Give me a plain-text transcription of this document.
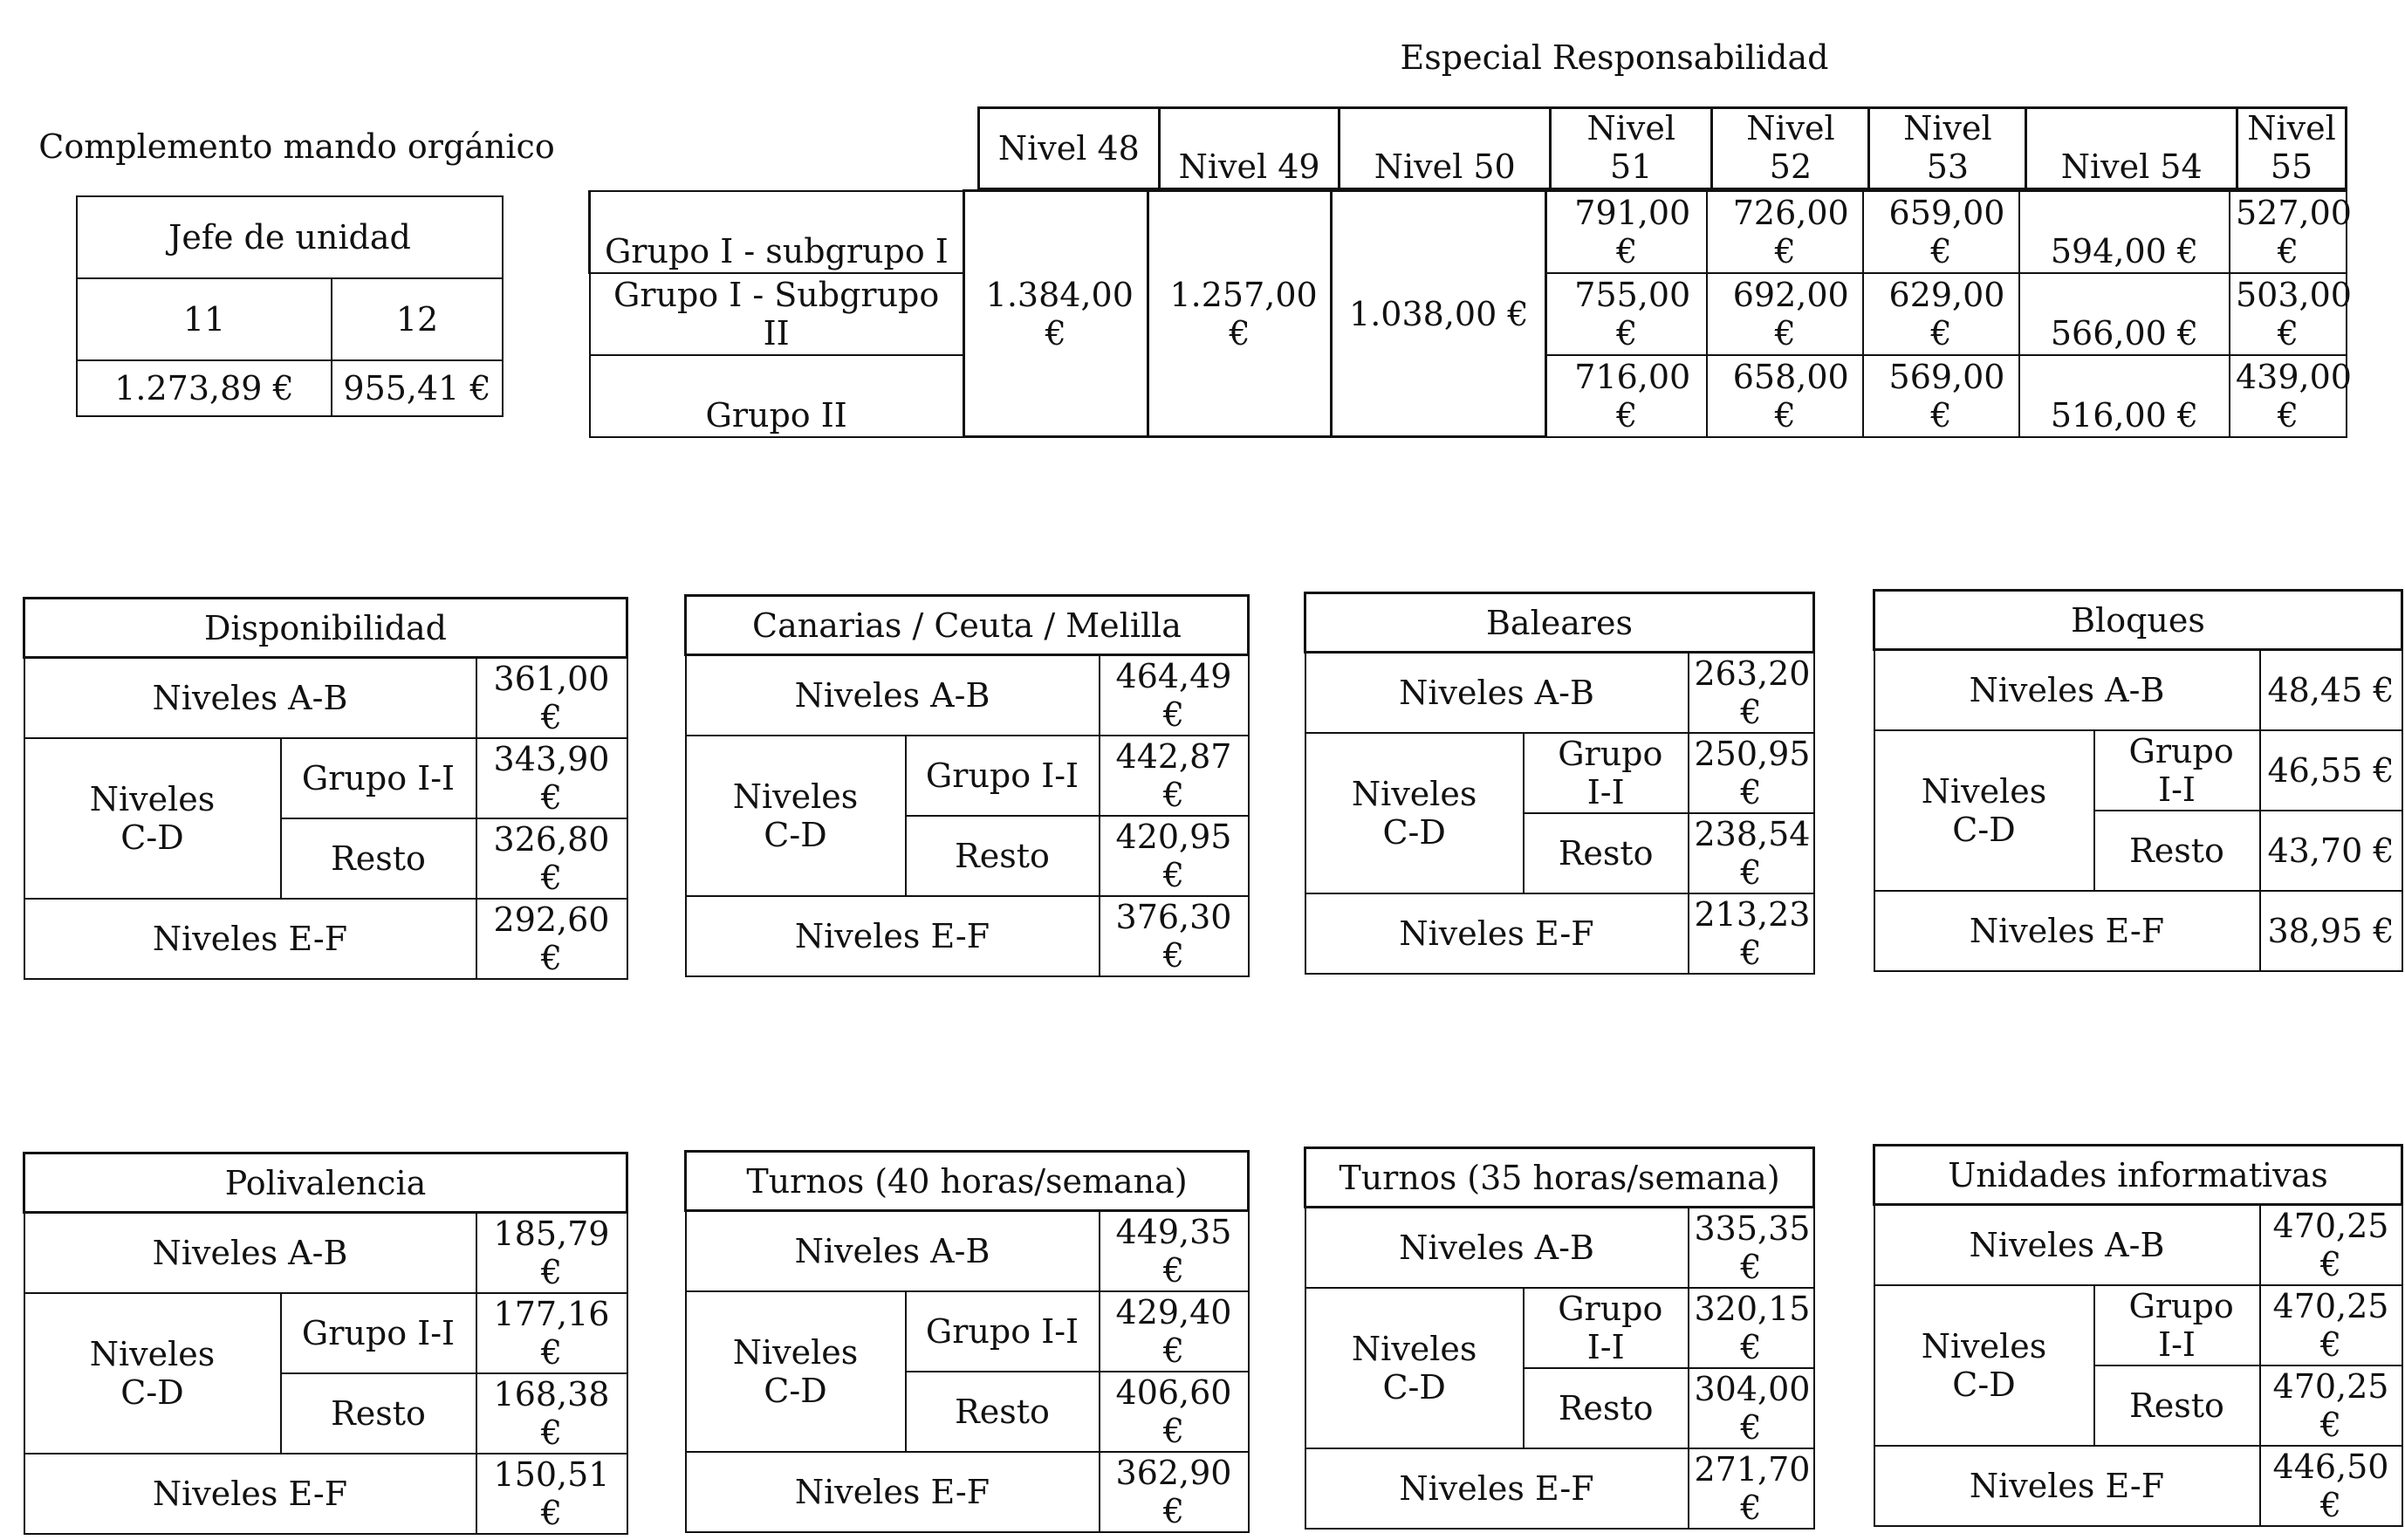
Complemento mando orgánico
Jefe de unidad	
11	12
1.273,89 €	955,41 €
Especial Responsabilidad
Nivel 48	Nivel 49	Nivel 50	Nivel 51	Nivel 52	Nivel 53	Nivel 54	Nivel 55
Grupo I - subgrupo I	1.384,00 €	1.257,00 €	1.038,00 €	791,00 €	726,00 €	659,00 €	594,00 €	527,00 €
Grupo I - Subgrupo II				755,00 €	692,00 €	629,00 €	566,00 €	503,00 €
Grupo II				716,00 €	658,00 €	569,00 €	516,00 €	439,00 €
Disponibilidad		
Niveles A-B		361,00 €
Niveles C-D	Grupo I-I	343,90 €
	Resto	326,80 €
Niveles E-F		292,60 €
Canarias / Ceuta / Melilla		
Niveles A-B		464,49 €
Niveles C-D	Grupo I-I	442,87 €
	Resto	420,95 €
Niveles E-F		376,30 €
Baleares		
Niveles A-B		263,20 €
Niveles C-D	Grupo I-I	250,95 €
	Resto	238,54 €
Niveles E-F		213,23 €
Bloques		
Niveles A-B		48,45 €
Niveles C-D	Grupo I-I	46,55 €
	Resto	43,70 €
Niveles E-F		38,95 €
Polivalencia		
Niveles A-B		185,79 €
Niveles C-D	Grupo I-I	177,16 €
	Resto	168,38 €
Niveles E-F		150,51 €
Turnos (40 horas/semana)		
Niveles A-B		449,35 €
Niveles C-D	Grupo I-I	429,40 €
	Resto	406,60 €
Niveles E-F		362,90 €
Turnos (35 horas/semana)		
Niveles A-B		335,35 €
Niveles C-D	Grupo I-I	320,15 €
	Resto	304,00 €
Niveles E-F		271,70 €
Unidades informativas		
Niveles A-B		470,25 €
Niveles C-D	Grupo I-I	470,25 €
	Resto	470,25 €
Niveles E-F		446,50 €
